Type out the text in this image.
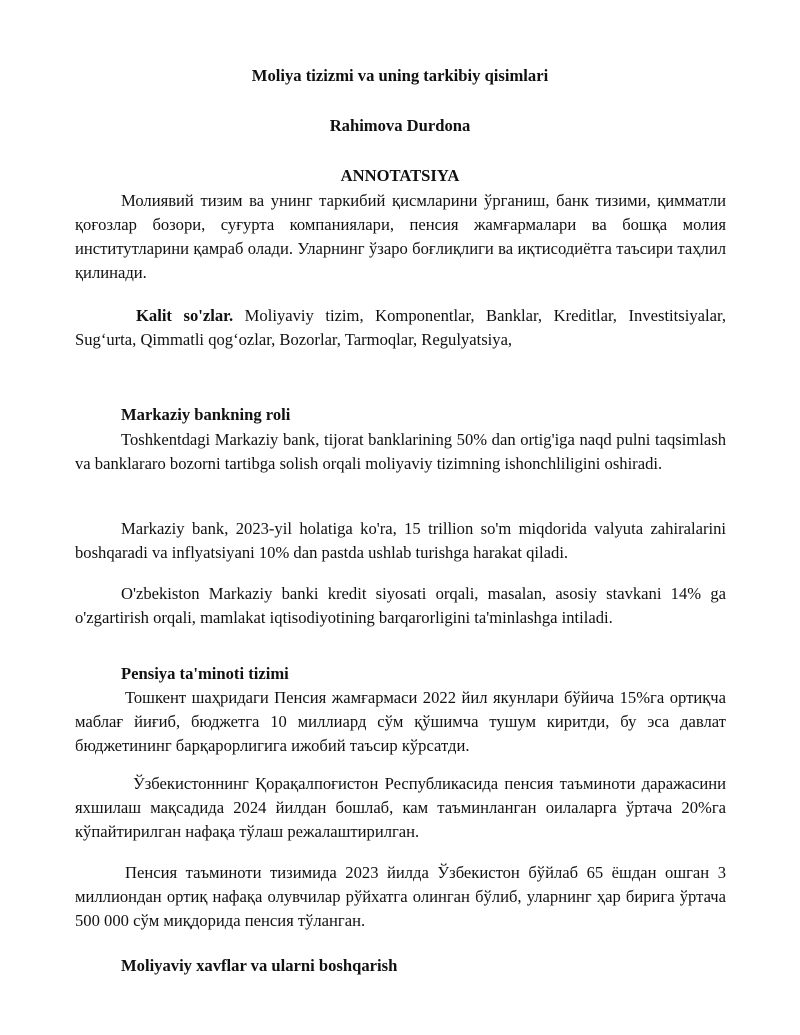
Moliya tizizmi va uning tarkibiy qisimlari
Rahimova Durdona
ANNOTATSIYA

Молиявий тизим ва унинг таркибий қисмларини ўрганиш, банк тизими, қимматли қоғозлар бозори, суғурта компаниялари, пенсия жамғармалари ва бошқа молия институтларини қамраб олади. Уларнинг ўзаро боғлиқлиги ва иқтисодиётга таъсири таҳлил қилинади.

Kalit so'zlar. Moliyaviy tizim, Komponentlar, Banklar, Kreditlar, Investitsiyalar, Sug‘urta, Qimmatli qog‘ozlar, Bozorlar, Tarmoqlar, Regulyatsiya,

Markaziy bankning roli

Toshkentdagi Markaziy bank, tijorat banklarining 50% dan ortig'iga naqd pulni taqsimlash va banklararo bozorni tartibga solish orqali moliyaviy tizimning ishonchliligini oshiradi.

Markaziy bank, 2023-yil holatiga ko'ra, 15 trillion so'm miqdorida valyuta zahiralarini boshqaradi va inflyatsiyani 10% dan pastda ushlab turishga harakat qiladi.

O'zbekiston Markaziy banki kredit siyosati orqali, masalan, asosiy stavkani 14% ga o'zgartirish orqali, mamlakat iqtisodiyotining barqarorligini ta'minlashga intiladi.

Pensiya ta'minoti tizimi

Тошкент шаҳридаги Пенсия жамғармаси 2022 йил якунлари бўйича 15%га ортиқча маблағ йиғиб, бюджетга 10 миллиард сўм қўшимча тушум киритди, бу эса давлат бюджетининг барқарорлигига ижобий таъсир кўрсатди.

Ўзбекистоннинг Қорақалпоғистон Республикасида пенсия таъминоти даражасини яхшилаш мақсадида 2024 йилдан бошлаб, кам таъминланган оилаларга ўртача 20%га кўпайтирилган нафақа тўлаш режалаштирилган.

Пенсия таъминоти тизимида 2023 йилда Ўзбекистон бўйлаб 65 ёшдан ошган 3 миллиондан ортиқ нафақа олувчилар рўйхатга олинган бўлиб, уларнинг ҳар бирига ўртача 500 000 сўм миқдорида пенсия тўланган.

Moliyaviy xavflar va ularni boshqarish
